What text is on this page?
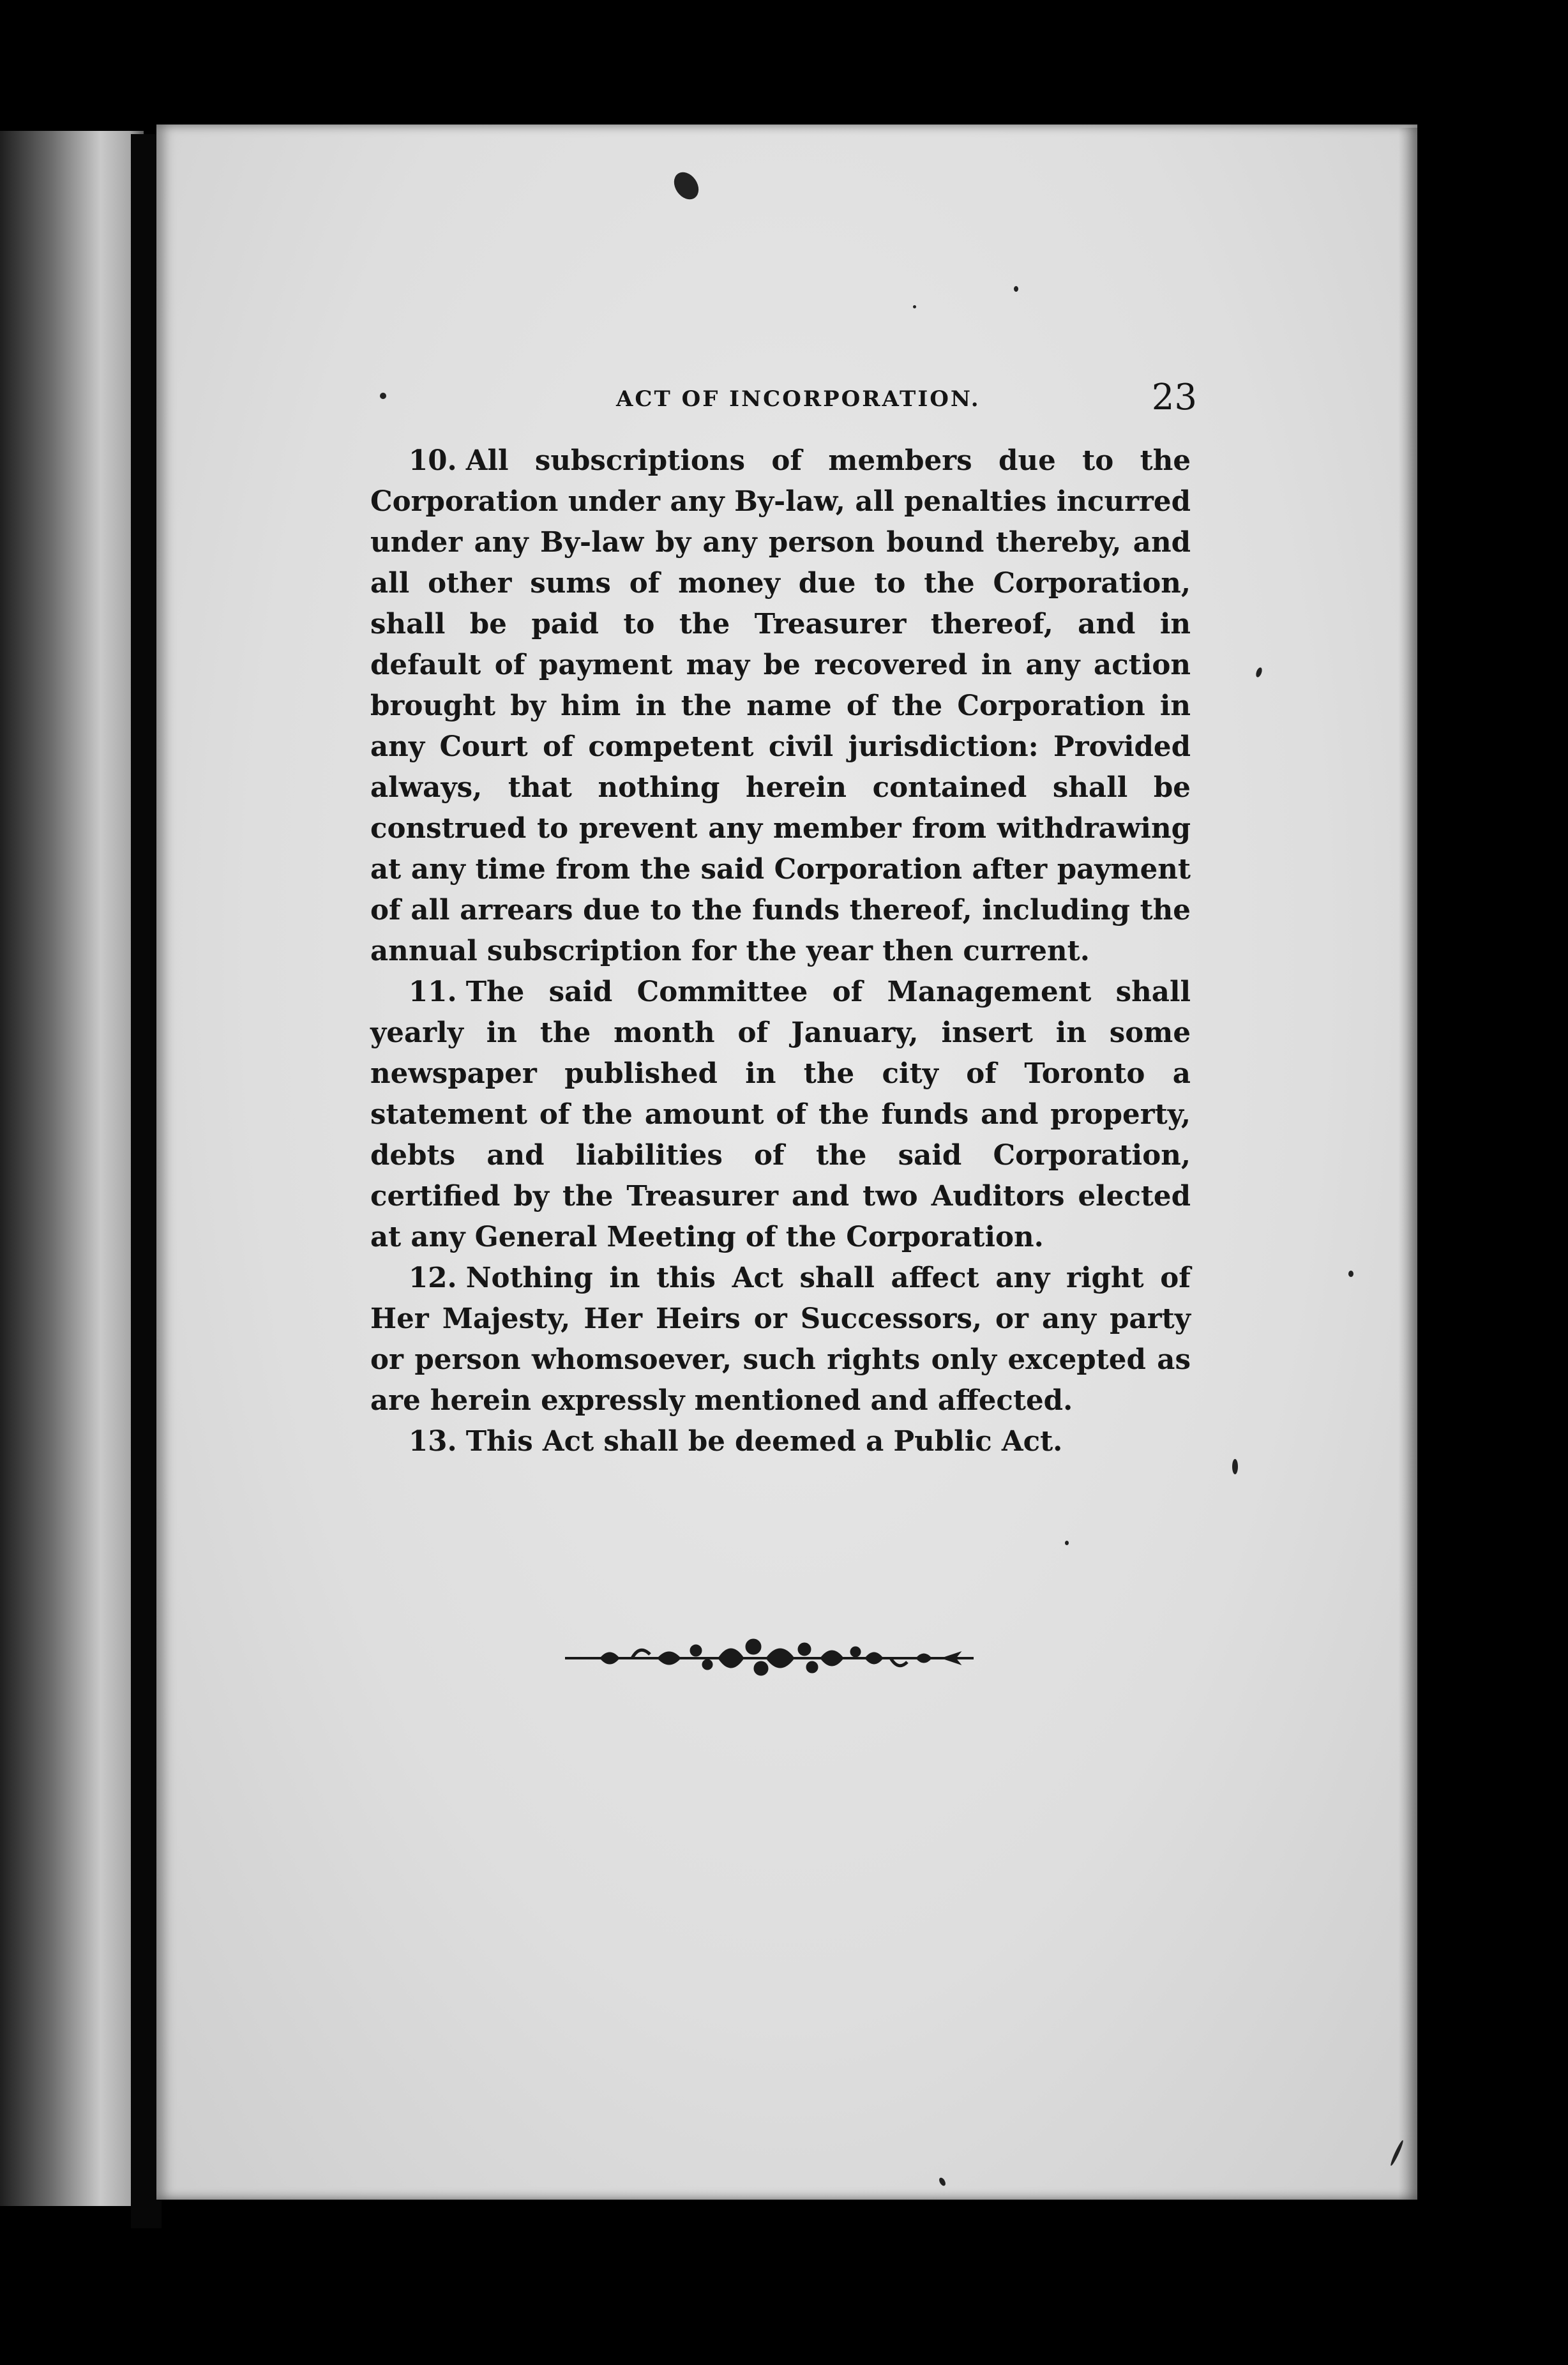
ACT OF INCORPORATION.	23

10. All subscriptions of members due to the Corporation under any By-law, all penalties incurred under any By-law by any person bound thereby, and all other sums of money due to the Corporation, shall be paid to the Treasurer thereof, and in default of payment may be recovered in any action brought by him in the name of the Corporation in any Court of competent civil jurisdiction: Provided always, that nothing herein contained shall be construed to prevent any member from withdrawing at any time from the said Corporation after payment of all arrears due to the funds thereof, including the annual subscription for the year then current.

11. The said Committee of Management shall yearly in the month of January, insert in some newspaper published in the city of Toronto a statement of the amount of the funds and property, debts and liabilities of the said Corporation, certified by the Treasurer and two Auditors elected at any General Meeting of the Corporation.

12. Nothing in this Act shall affect any right of Her Majesty, Her Heirs or Successors, or any party or person whomsoever, such rights only excepted as are herein expressly mentioned and affected.

13. This Act shall be deemed a Public Act.
